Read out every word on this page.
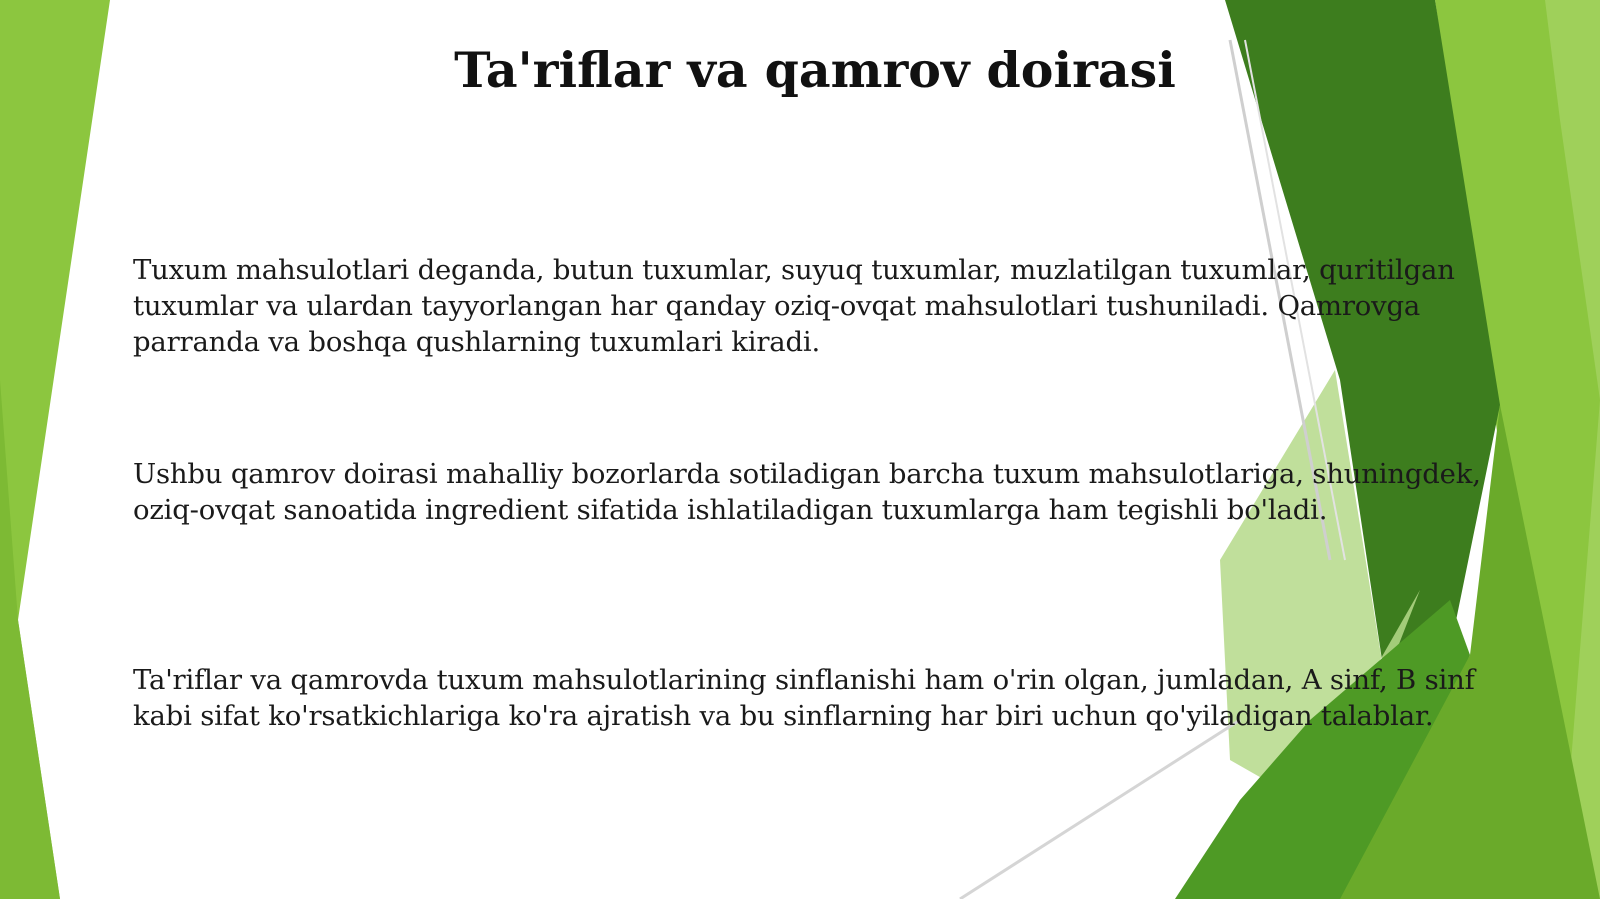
Ta'riflar va qamrov doirasi

Tuxum mahsulotlari deganda, butun tuxumlar, suyuq tuxumlar, muzlatilgan tuxumlar, quritilgan tuxumlar va ulardan tayyorlangan har qanday oziq-ovqat mahsulotlari tushuniladi. Qamrovga parranda va boshqa qushlarning tuxumlari kiradi.

Ushbu qamrov doirasi mahalliy bozorlarda sotiladigan barcha tuxum mahsulotlariga, shuningdek, oziq-ovqat sanoatida ingredient sifatida ishlatiladigan tuxumlarga ham tegishli bo'ladi.

Ta'riflar va qamrovda tuxum mahsulotlarining sinflanishi ham o'rin olgan, jumladan, A sinf, B sinf kabi sifat ko'rsatkichlariga ko'ra ajratish va bu sinflarning har biri uchun qo'yiladigan talablar.
